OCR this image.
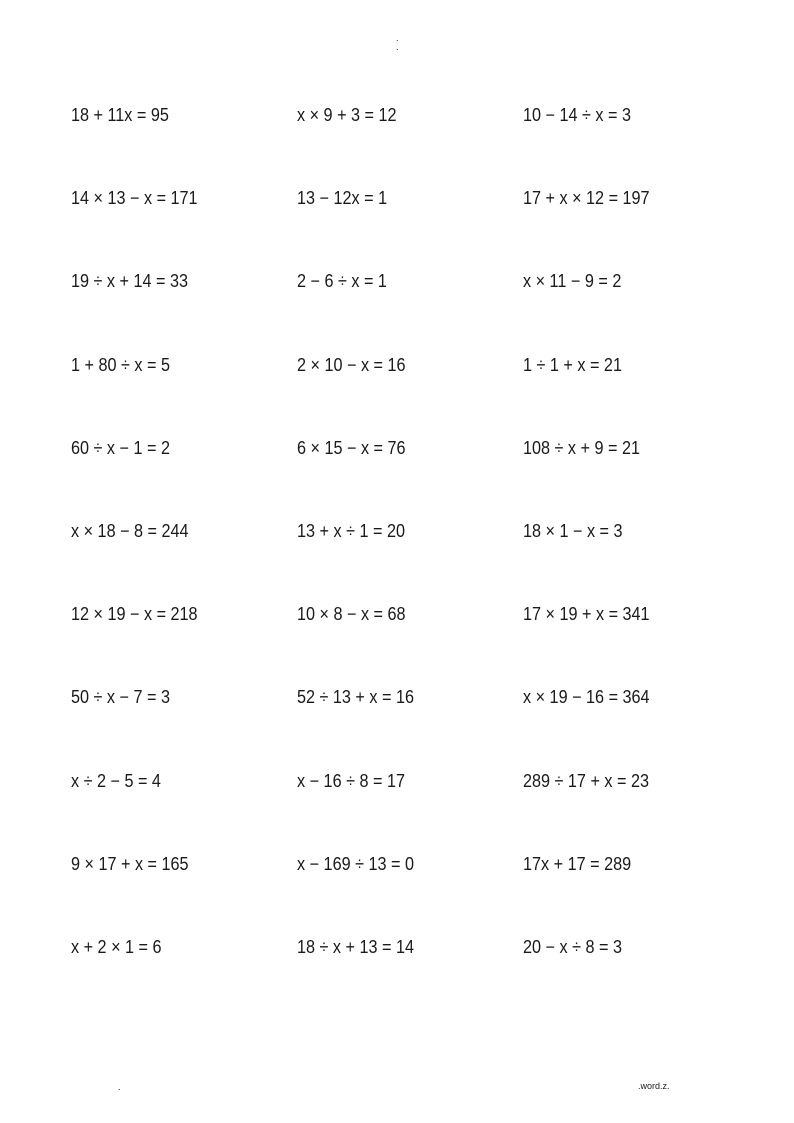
.
.
18 + 11x = 95	x × 9 + 3 = 12	10 − 14 ÷ x = 3
14 × 13 − x = 171	13 − 12x = 1	17 + x × 12 = 197
19 ÷ x + 14 = 33	2 − 6 ÷ x = 1	x × 11 − 9 = 2
1 + 80 ÷ x = 5	2 × 10 − x = 16	1 ÷ 1 + x = 21
60 ÷ x − 1 = 2	6 × 15 − x = 76	108 ÷ x + 9 = 21
x × 18 − 8 = 244	13 + x ÷ 1 = 20	18 × 1 − x = 3
12 × 19 − x = 218	10 × 8 − x = 68	17 × 19 + x = 341
50 ÷ x − 7 = 3	52 ÷ 13 + x = 16	x × 19 − 16 = 364
x ÷ 2 − 5 = 4	x − 16 ÷ 8 = 17	289 ÷ 17 + x = 23
9 × 17 + x = 165	x − 169 ÷ 13 = 0	17x + 17 = 289
x + 2 × 1 = 6	18 ÷ x + 13 = 14	20 − x ÷ 8 = 3
.	.word.z.
